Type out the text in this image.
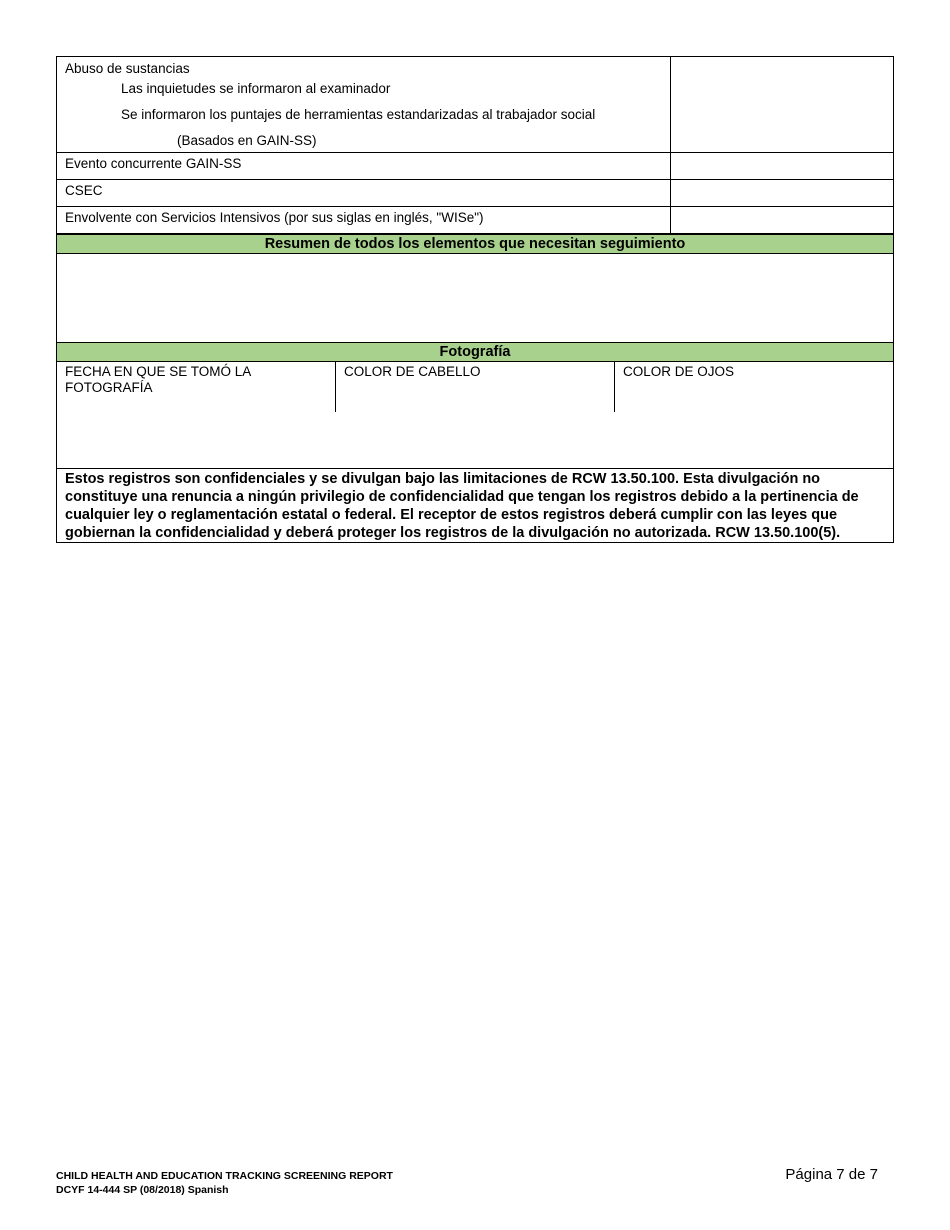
Abuso de sustancias
Las inquietudes se informaron al examinador
Se informaron los puntajes de herramientas estandarizadas al trabajador social
(Basados en GAIN-SS)
Evento concurrente GAIN-SS
CSEC
Envolvente con Servicios Intensivos (por sus siglas en inglés, "WISe")
Resumen de todos los elementos que necesitan seguimiento
Fotografía
FECHA EN QUE SE TOMÓ LA FOTOGRAFÍA
COLOR DE CABELLO	COLOR DE OJOS
Estos registros son confidenciales y se divulgan bajo las limitaciones de RCW 13.50.100. Esta divulgación no constituye una renuncia a ningún privilegio de confidencialidad que tengan los registros debido a la pertinencia de cualquier ley o reglamentación estatal o federal. El receptor de estos registros deberá cumplir con las leyes que gobiernan la confidencialidad y deberá proteger los registros de la divulgación no autorizada. RCW 13.50.100(5).
CHILD HEALTH AND EDUCATION TRACKING SCREENING REPORT
DCYF 14-444 SP (08/2018) Spanish
Página 7 de 7
